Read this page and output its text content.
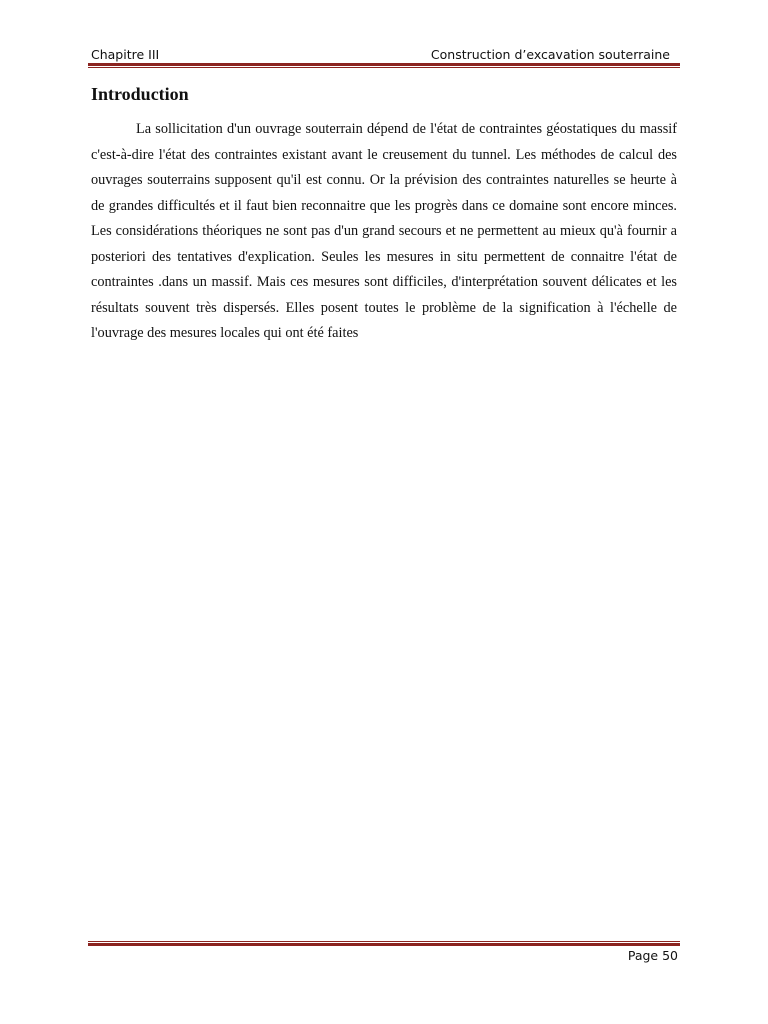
Chapitre III	Construction d’excavation souterraine
Introduction

La sollicitation d'un ouvrage souterrain dépend de l'état de contraintes géostatiques du massif c'est-à-dire l'état des contraintes existant avant le creusement du tunnel. Les méthodes de calcul des ouvrages souterrains supposent qu'il est connu. Or la prévision des contraintes naturelles se heurte à de grandes difficultés et il faut bien reconnaitre que les progrès dans ce domaine sont encore minces. Les considérations théoriques ne sont pas d'un grand secours et ne permettent au mieux qu'à fournir a posteriori des tentatives d'explication. Seules les mesures in situ permettent de connaitre l'état de contraintes .dans un massif. Mais ces mesures sont difficiles, d'interprétation souvent délicates et les résultats souvent très dispersés. Elles posent toutes le problème de la signification à l'échelle de l'ouvrage des mesures locales qui ont été faites

Page 50
